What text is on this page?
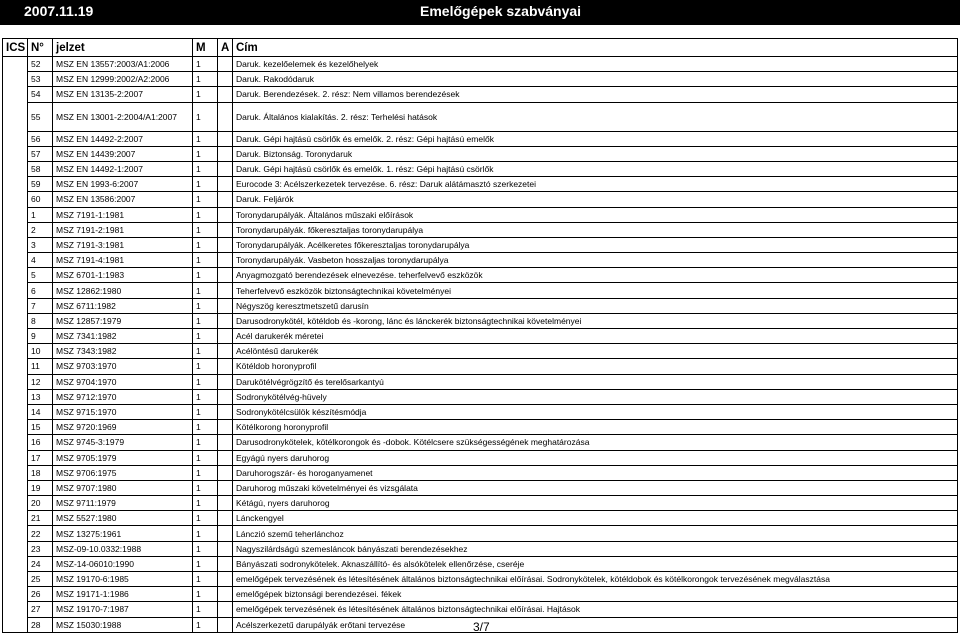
2007.11.19	Emelőgépek szabványai
ICS	N°	jelzet	M	A	Cím
	52	MSZ EN 13557:2003/A1:2006	1		Daruk. kezelőelemek és kezelőhelyek
	53	MSZ EN 12999:2002/A2:2006	1		Daruk. Rakodódaruk
	54	MSZ EN 13135-2:2007	1		Daruk. Berendezések. 2. rész: Nem villamos berendezések
	55	MSZ EN 13001-2:2004/A1:2007	1		Daruk. Általános kialakítás. 2. rész: Terhelési hatások
	56	MSZ EN 14492-2:2007	1		Daruk. Gépi hajtású csörlők és emelők. 2. rész: Gépi hajtású emelők
	57	MSZ EN 14439:2007	1		Daruk. Biztonság. Toronydaruk
	58	MSZ EN 14492-1:2007	1		Daruk. Gépi hajtású csörlők és emelők. 1. rész: Gépi hajtású csörlők
	59	MSZ EN 1993-6:2007	1		Eurocode 3: Acélszerkezetek tervezése. 6. rész: Daruk alátámasztó szerkezetei
	60	MSZ EN 13586:2007	1		Daruk. Feljárók
	1	MSZ 7191-1:1981	1		Toronydarupályák. Általános műszaki előírások
	2	MSZ 7191-2:1981	1		Toronydarupályák. főkeresztaljas toronydarupálya
	3	MSZ 7191-3:1981	1		Toronydarupályák. Acélkeretes főkeresztaljas toronydarupálya
	4	MSZ 7191-4:1981	1		Toronydarupályák. Vasbeton hosszaljas toronydarupálya
	5	MSZ 6701-1:1983	1		Anyagmozgató berendezések elnevezése. teherfelvevő eszközök
	6	MSZ 12862:1980	1		Teherfelvevő eszközök biztonságtechnikai követelményei
	7	MSZ 6711:1982	1		Négyszög keresztmetszetű darusín
	8	MSZ 12857:1979	1		Darusodronykötél, kötéldob és -korong, lánc és lánckerék biztonságtechnikai követelményei
	9	MSZ 7341:1982	1		Acél darukerék méretei
	10	MSZ 7343:1982	1		Acélöntésű darukerék
	11	MSZ 9703:1970	1		Kötéldob horonyprofil
	12	MSZ 9704:1970	1		Darukötélvégrögzítő és terelősarkantyú
	13	MSZ 9712:1970	1		Sodronykötélvég-hüvely
	14	MSZ 9715:1970	1		Sodronykötélcsülök készítésmódja
	15	MSZ 9720:1969	1		Kötélkorong horonyprofil
	16	MSZ 9745-3:1979	1		Darusodronykötelek, kötélkorongok és -dobok. Kötélcsere szükségességének meghatározása
	17	MSZ 9705:1979	1		Egyágú nyers daruhorog
	18	MSZ 9706:1975	1		Daruhorogszár- és horoganyamenet
	19	MSZ 9707:1980	1		Daruhorog műszaki követelményei és vizsgálata
	20	MSZ 9711:1979	1		Kétágú, nyers daruhorog
	21	MSZ 5527:1980	1		Lánckengyel
	22	MSZ 13275:1961	1		Lánczió szemű teherlánchoz
	23	MSZ-09-10.0332:1988	1		Nagyszilárdságú szemesláncok bányászati berendezésekhez
	24	MSZ-14-06010:1990	1		Bányászati sodronykötelek. Aknaszállító- és alsókötelek ellenőrzése, cseréje
	25	MSZ 19170-6:1985	1		emelőgépek tervezésének és létesítésének általános biztonságtechnikai előírásai. Sodronykötelek, kötéldobok és kötélkorongok tervezésének megválasztása
	26	MSZ 19171-1:1986	1		emelőgépek biztonsági berendezései. fékek
	27	MSZ 19170-7:1987	1		emelőgépek tervezésének és létesítésének általános biztonságtechnikai előírásai. Hajtások
	28	MSZ 15030:1988	1		Acélszerkezetű darupályák erőtani tervezése	3/7
